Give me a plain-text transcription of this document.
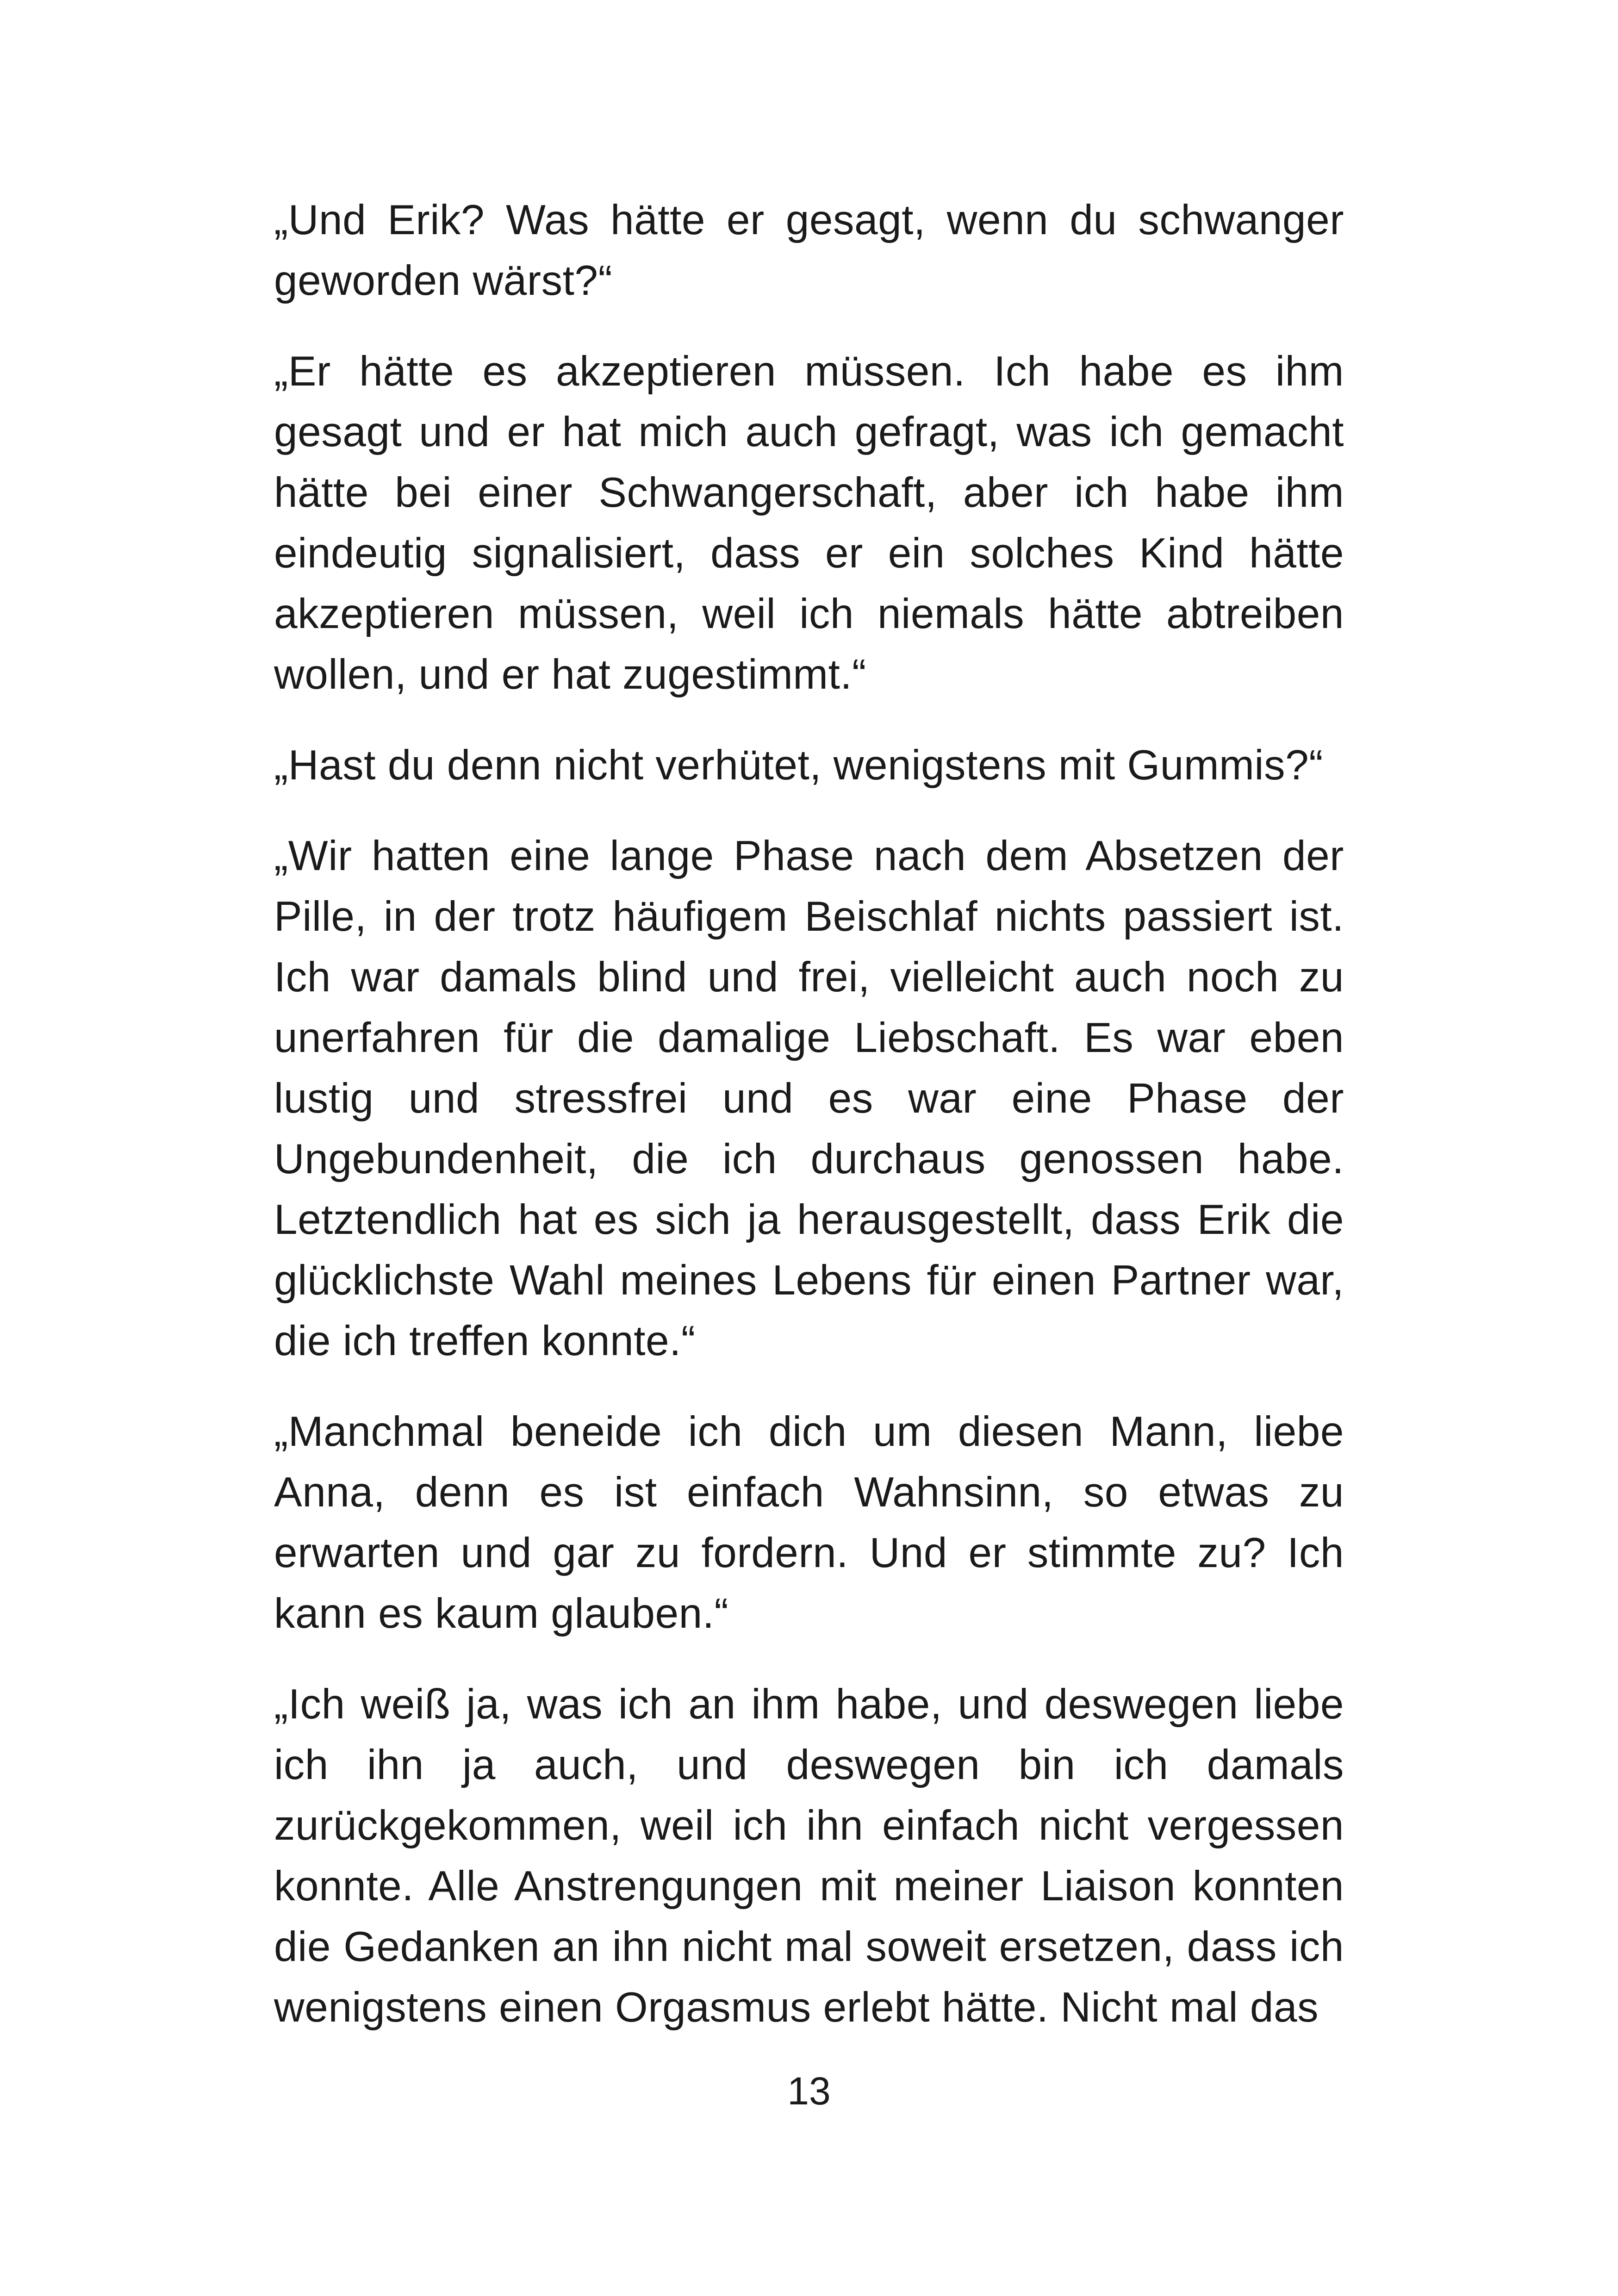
„Und Erik? Was hätte er gesagt, wenn du schwanger geworden wärst?“

„Er hätte es akzeptieren müssen. Ich habe es ihm gesagt und er hat mich auch gefragt, was ich gemacht hätte bei einer Schwangerschaft, aber ich habe ihm eindeutig signalisiert, dass er ein solches Kind hätte akzeptieren müssen, weil ich niemals hätte abtreiben wollen, und er hat zugestimmt.“

„Hast du denn nicht verhütet, wenigstens mit Gummis?“

„Wir hatten eine lange Phase nach dem Absetzen der Pille, in der trotz häufigem Beischlaf nichts passiert ist. Ich war damals blind und frei, vielleicht auch noch zu unerfahren für die damalige Liebschaft. Es war eben lustig und stressfrei und es war eine Phase der Ungebundenheit, die ich durchaus genossen habe. Letztendlich hat es sich ja herausgestellt, dass Erik die glücklichste Wahl meines Lebens für einen Partner war, die ich treffen konnte.“

„Manchmal beneide ich dich um diesen Mann, liebe Anna, denn es ist einfach Wahnsinn, so etwas zu erwarten und gar zu fordern. Und er stimmte zu? Ich kann es kaum glauben.“

„Ich weiß ja, was ich an ihm habe, und deswegen liebe ich ihn ja auch, und deswegen bin ich damals zurückgekommen, weil ich ihn einfach nicht vergessen konnte. Alle Anstrengungen mit meiner Liaison konnten die Gedanken an ihn nicht mal soweit ersetzen, dass ich wenigstens einen Orgasmus erlebt hätte. Nicht mal das

13
